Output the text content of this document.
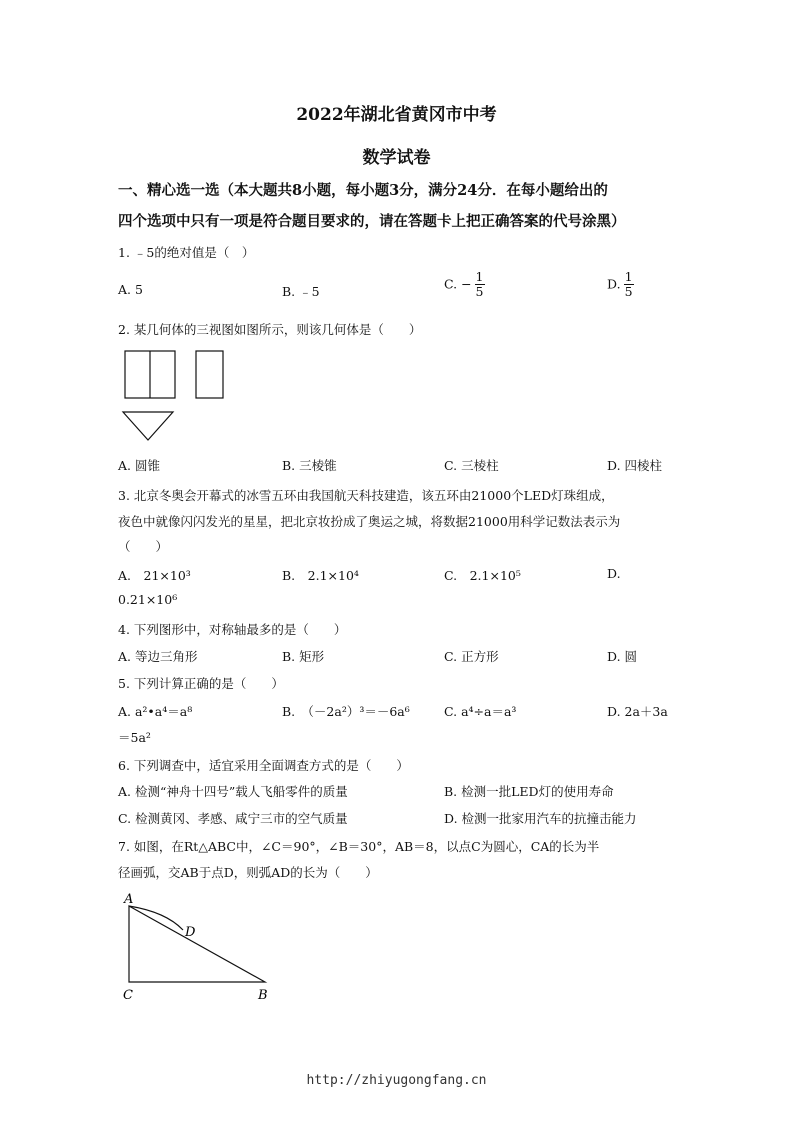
2022年湖北省黄冈市中考
数学试卷
一、精心选一选（本大题共8小题，每小题3分，满分24分．在每小题给出的
四个选项中只有一项是符合题目要求的，请在答题卡上把正确答案的代号涂黑）
1. ﹣5的绝对值是（　）
A. 5	B. ﹣5
C. − $\frac{1}{5}$	D. $\frac{1}{5}$
2. 某几何体的三视图如图所示，则该几何体是（　　）
A. 圆锥	B. 三棱锥	C. 三棱柱	D. 四棱柱
3. 北京冬奥会开幕式的冰雪五环由我国航天科技建造，该五环由21000个LED灯珠组成，
夜色中就像闪闪发光的星星，把北京妆扮成了奥运之城，将数据21000用科学记数法表示为
（　　）
A.　21×10³	B.　2.1×10⁴	C.　2.1×10⁵	D.
0.21×10⁶
4. 下列图形中，对称轴最多的是（　　）
A. 等边三角形	B. 矩形	C. 正方形	D. 圆
5. 下列计算正确的是（　　）
A. a²•a⁴＝a⁸	B.　（－2a²）³＝－6a⁶	C. a⁴÷a＝a³	D. 2a＋3a
＝5a²
6. 下列调查中，适宜采用全面调查方式的是（　　）
A. 检测“神舟十四号”载人飞船零件的质量	B. 检测一批LED灯的使用寿命
C. 检测黄冈、孝感、咸宁三市的空气质量	D. 检测一批家用汽车的抗撞击能力
7. 如图，在Rt△ABC中，∠C＝90°，∠B＝30°，AB＝8，以点C为圆心，CA的长为半
径画弧，交AB于点D，则弧AD的长为（　　）
A
D
C	B
http://zhiyugongfang.cn
